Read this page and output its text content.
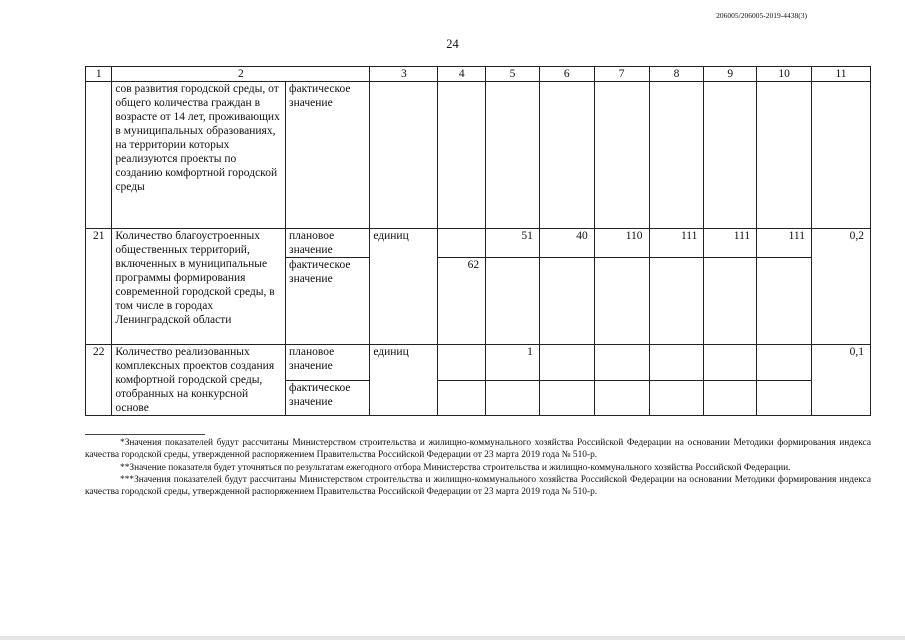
206005/206005-2019-4438(3)
24
1	2		3	4	5	6	7	8	9	10	11
	сов развития городской среды, от общего количества граждан в возрасте от 14 лет, проживающих в муниципальных образованиях, на территории которых реализуются проекты по созданию комфортной городской среды	фактическое значение									
21	Количество благоустроенных общественных территорий, включенных в муниципальные программы формирования современной городской среды, в том числе в городах Ленинградской области	плановое значение	единиц		51	40	110	111	111	111	0,2
		фактическое значение		62							
22	Количество реализованных комплексных проектов создания комфортной городской среды, отобранных на конкурсной основе	плановое значение	единиц		1						0,1
		фактическое значение									

*Значения показателей будут рассчитаны Министерством строительства и жилищно-коммунального хозяйства Российской Федерации на основании Методики формирования индекса качества городской среды, утвержденной распоряжением Правительства Российской Федерации от 23 марта 2019 года № 510-р.

**Значение показателя будет уточняться по результатам ежегодного отбора Министерства строительства и жилищно-коммунального хозяйства Российской Федерации.

***Значения показателей будут рассчитаны Министерством строительства и жилищно-коммунального хозяйства Российской Федерации на основании Методики формирования индекса качества городской среды, утвержденной распоряжением Правительства Российской Федерации от 23 марта 2019 года № 510-р.
